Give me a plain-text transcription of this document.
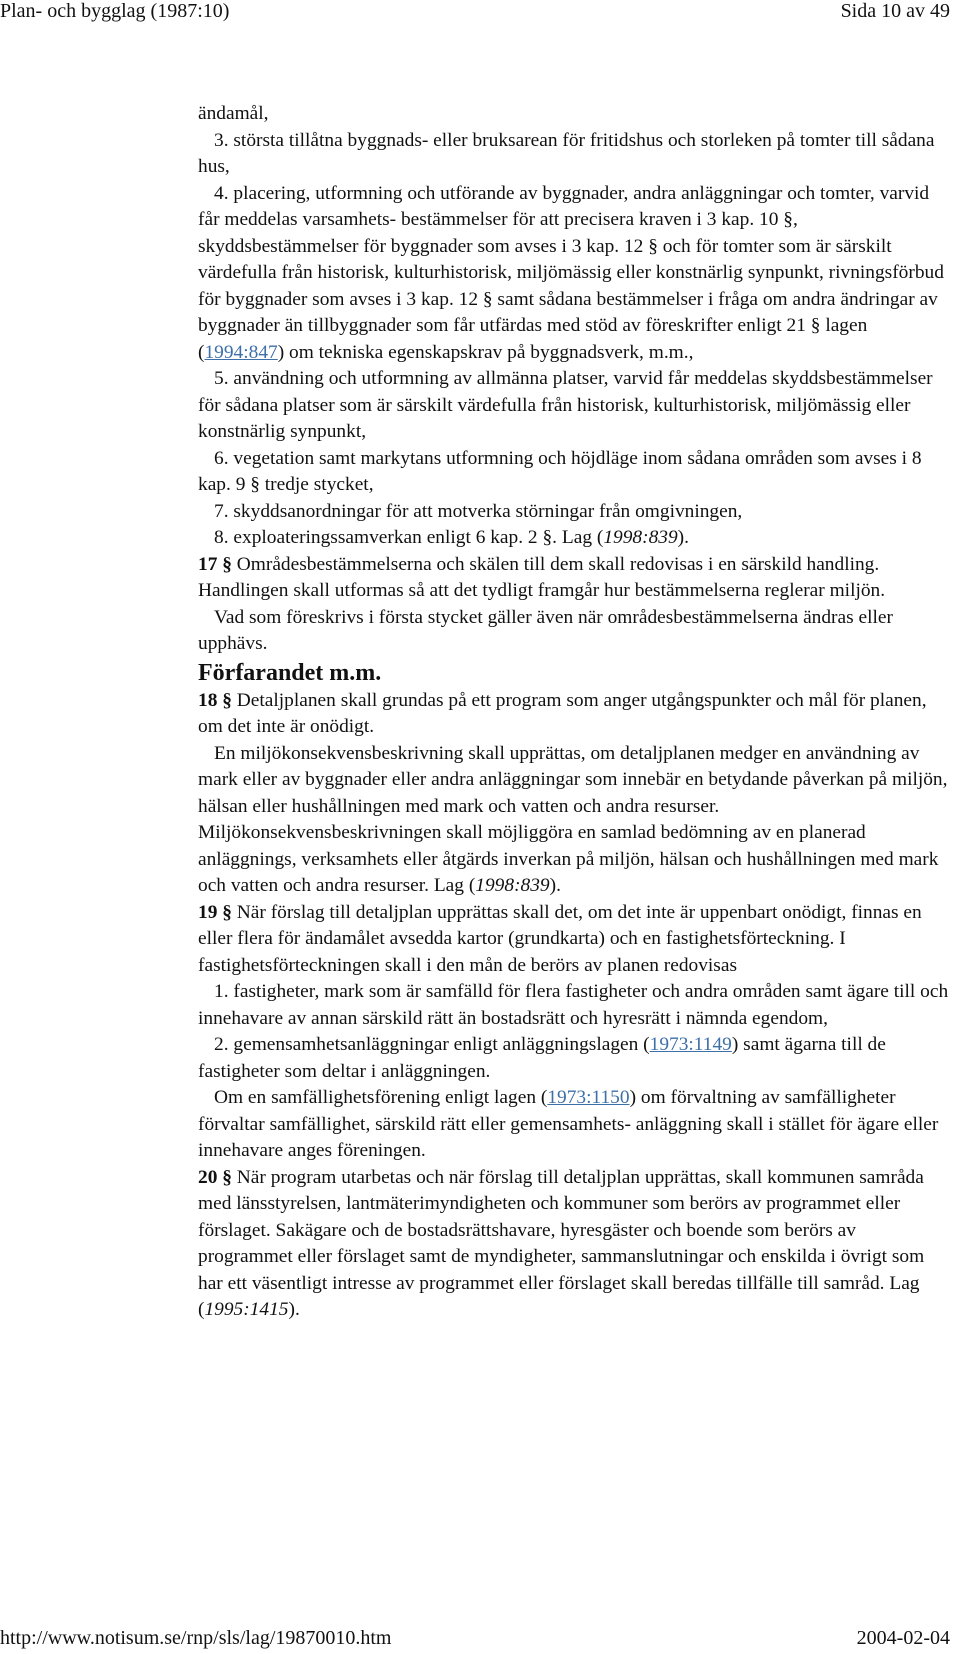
Plan- och bygglag (1987:10)	Sida 10 av 49

ändamål,

3. största tillåtna byggnads- eller bruksarean för fritidshus och storleken på tomter till sådana hus,

4. placering, utformning och utförande av byggnader, andra anläggningar och tomter, varvid får meddelas varsamhets- bestämmelser för att precisera kraven i 3 kap. 10 §, skyddsbestämmelser för byggnader som avses i 3 kap. 12 § och för tomter som är särskilt värdefulla från historisk, kulturhistorisk, miljömässig eller konstnärlig synpunkt, rivningsförbud för byggnader som avses i 3 kap. 12 § samt sådana bestämmelser i fråga om andra ändringar av byggnader än tillbyggnader som får utfärdas med stöd av föreskrifter enligt 21 § lagen (1994:847) om tekniska egenskapskrav på byggnadsverk, m.m.,

5. användning och utformning av allmänna platser, varvid får meddelas skyddsbestämmelser för sådana platser som är särskilt värdefulla från historisk, kulturhistorisk, miljömässig eller konstnärlig synpunkt,

6. vegetation samt markytans utformning och höjdläge inom sådana områden som avses i 8 kap. 9 § tredje stycket,

7. skyddsanordningar för att motverka störningar från omgivningen,

8. exploateringssamverkan enligt 6 kap. 2 §. Lag (1998:839).

17 § Områdesbestämmelserna och skälen till dem skall redovisas i en särskild handling. Handlingen skall utformas så att det tydligt framgår hur bestämmelserna reglerar miljön.

Vad som föreskrivs i första stycket gäller även när områdesbestämmelserna ändras eller upphävs.

Förfarandet m.m.

18 § Detaljplanen skall grundas på ett program som anger utgångspunkter och mål för planen, om det inte är onödigt.

En miljökonsekvensbeskrivning skall upprättas, om detaljplanen medger en användning av mark eller av byggnader eller andra anläggningar som innebär en betydande påverkan på miljön, hälsan eller hushållningen med mark och vatten och andra resurser. Miljökonsekvensbeskrivningen skall möjliggöra en samlad bedömning av en planerad anläggnings, verksamhets eller åtgärds inverkan på miljön, hälsan och hushållningen med mark och vatten och andra resurser. Lag (1998:839).

19 § När förslag till detaljplan upprättas skall det, om det inte är uppenbart onödigt, finnas en eller flera för ändamålet avsedda kartor (grundkarta) och en fastighetsförteckning. I fastighetsförteckningen skall i den mån de berörs av planen redovisas

1. fastigheter, mark som är samfälld för flera fastigheter och andra områden samt ägare till och innehavare av annan särskild rätt än bostadsrätt och hyresrätt i nämnda egendom,

2. gemensamhetsanläggningar enligt anläggningslagen (1973:1149) samt ägarna till de fastigheter som deltar i anläggningen.

Om en samfällighetsförening enligt lagen (1973:1150) om förvaltning av samfälligheter förvaltar samfällighet, särskild rätt eller gemensamhets- anläggning skall i stället för ägare eller innehavare anges föreningen.

20 § När program utarbetas och när förslag till detaljplan upprättas, skall kommunen samråda med länsstyrelsen, lantmäterimyndigheten och kommuner som berörs av programmet eller förslaget. Sakägare och de bostadsrättshavare, hyresgäster och boende som berörs av programmet eller förslaget samt de myndigheter, sammanslutningar och enskilda i övrigt som har ett väsentligt intresse av programmet eller förslaget skall beredas tillfälle till samråd. Lag (1995:1415).

http://www.notisum.se/rnp/sls/lag/19870010.htm	2004-02-04
